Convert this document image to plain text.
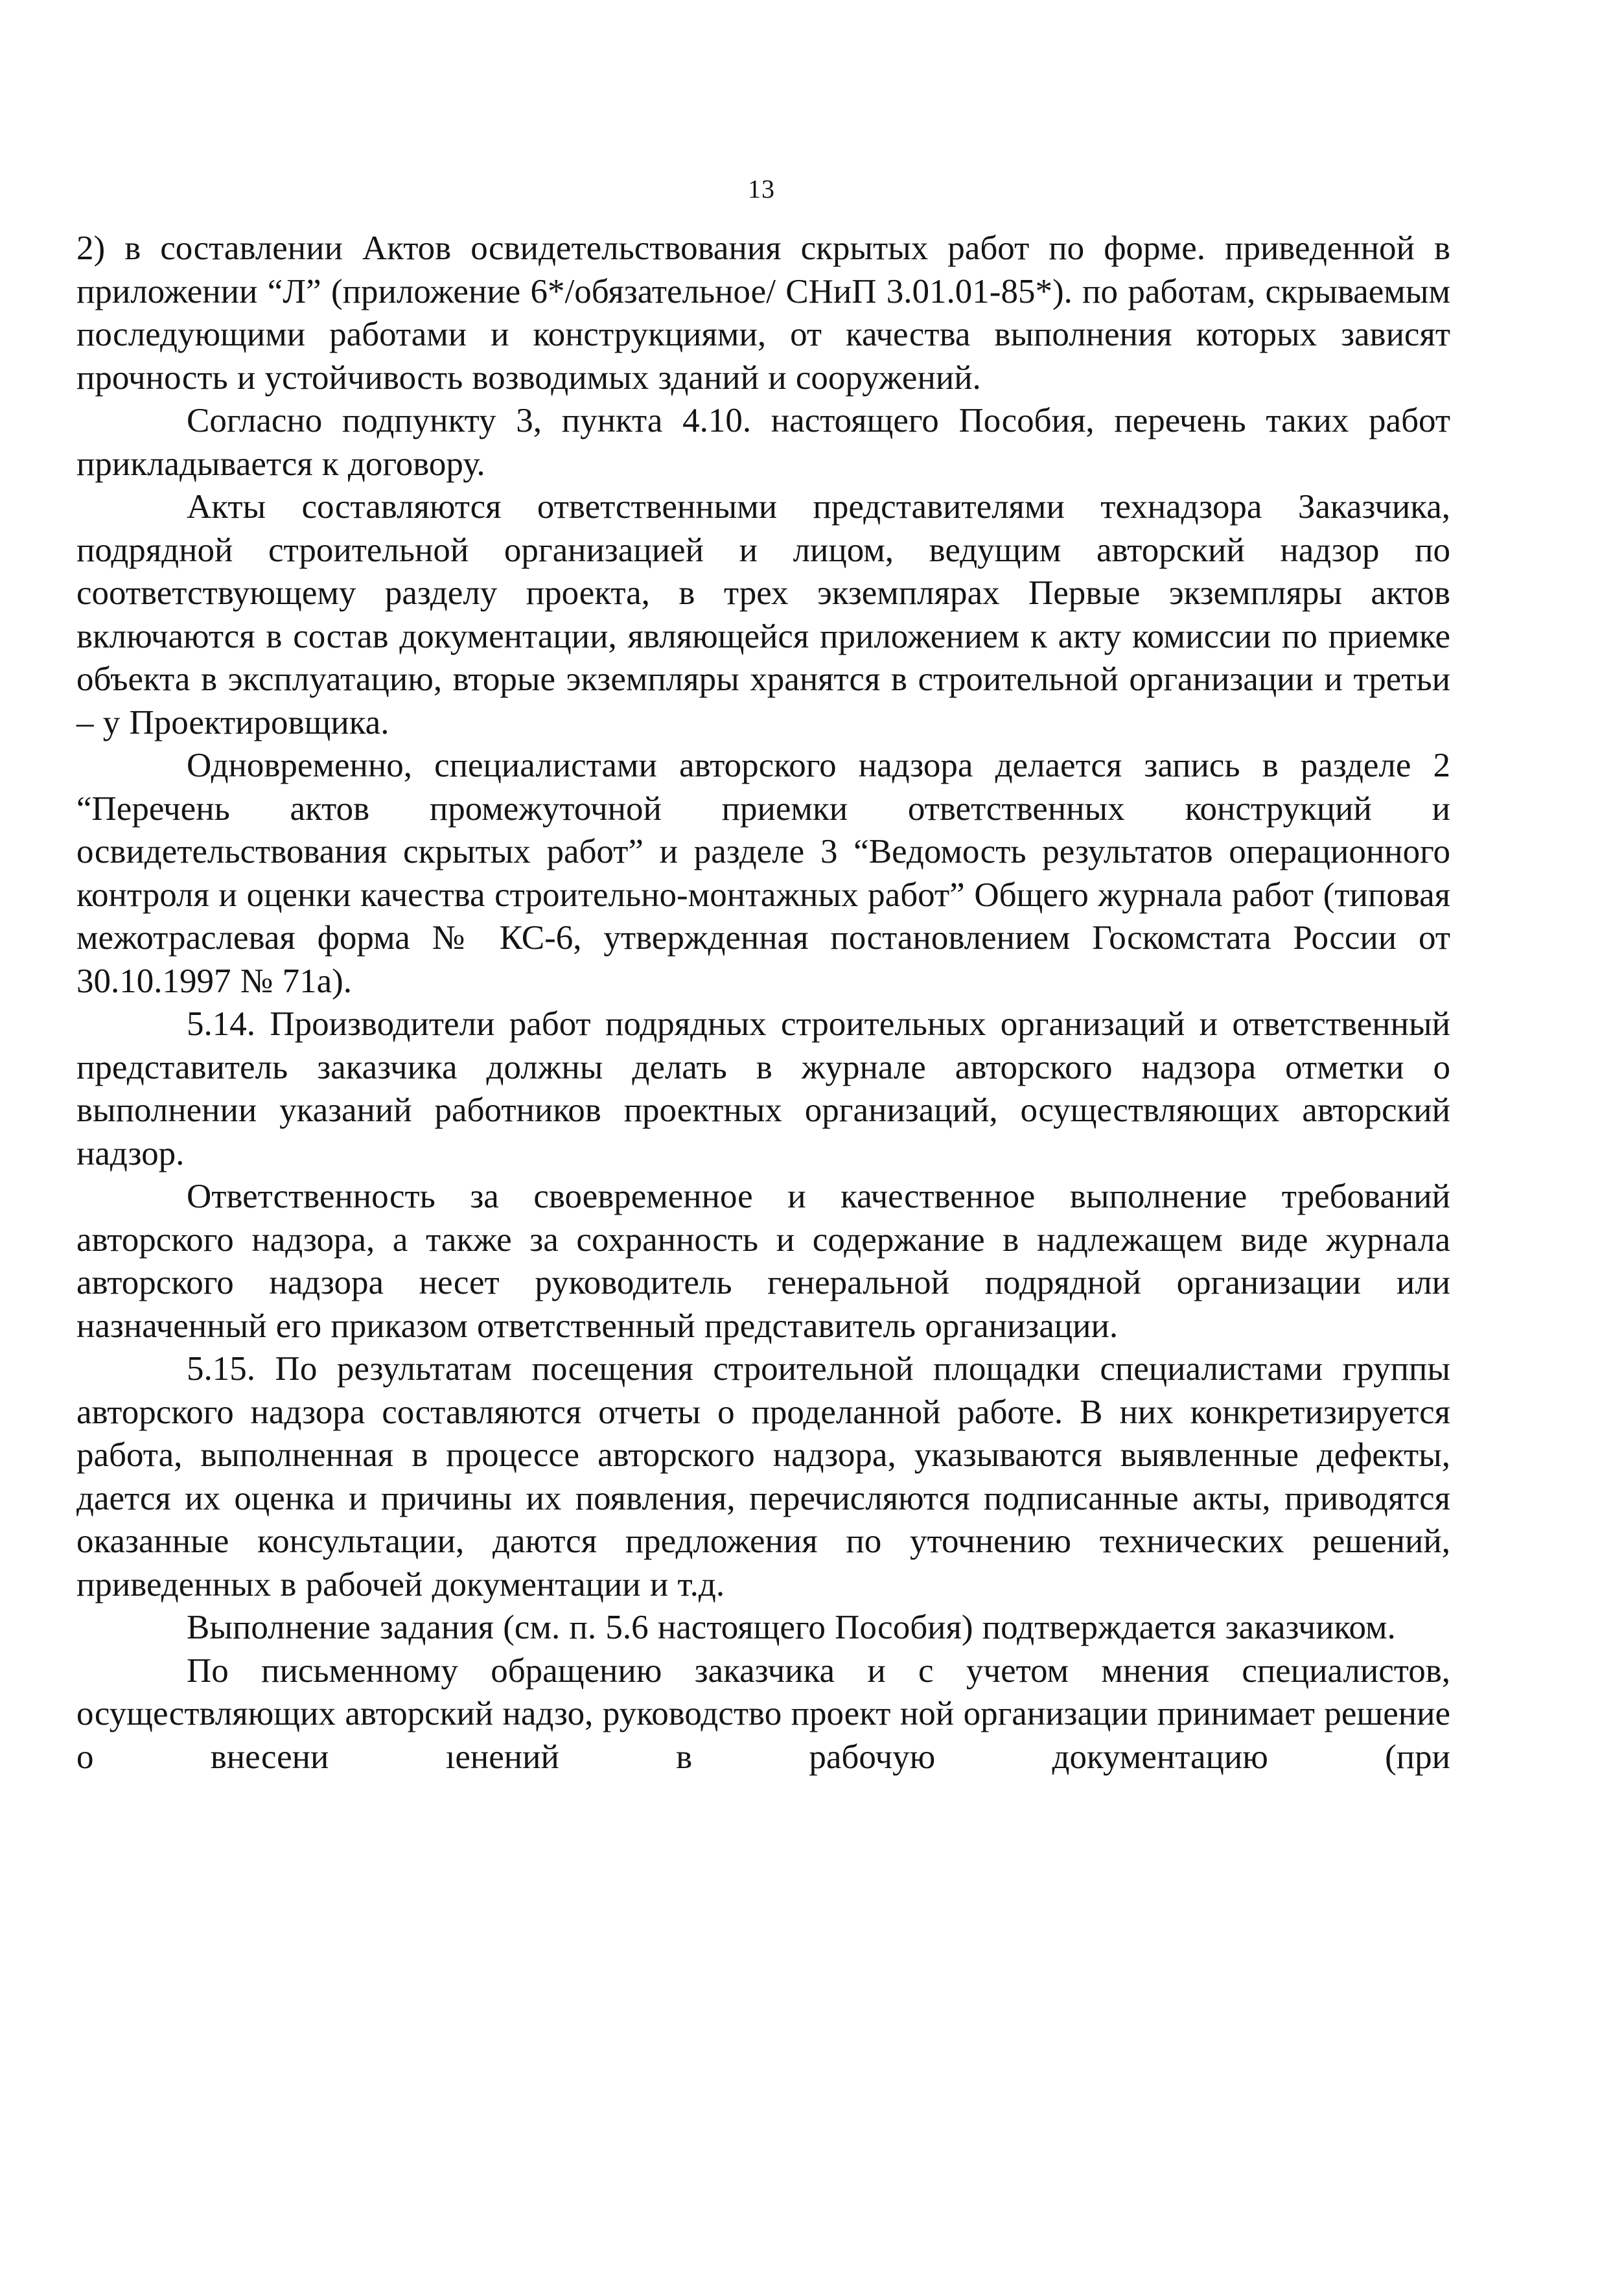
13

2) в составлении Актов освидетельствования скрытых работ по форме. приведенной в приложении “Л” (приложение 6*/обязательное/ СНиП 3.01.01-85*). по работам, скрываемым последующими работами и конструкциями, от качества выполнения которых зависят прочность и устойчивость возводимых зданий и сооружений.

Согласно подпункту 3, пункта 4.10. настоящего Пособия, перечень таких работ прикладывается к договору.

Акты составляются ответственными представителями технадзора Заказчика, подрядной строительной организацией и лицом, ведущим авторский надзор по соответствующему разделу проекта, в трех экземплярах Первые экземпляры актов включаются в состав документации, являющейся приложением к акту комиссии по приемке объекта в эксплуатацию, вторые экземпляры хранятся в строительной организации и третьи – у Проектировщика.

Одновременно, специалистами авторского надзора делается запись в разделе 2 “Перечень актов промежуточной приемки ответственных конструкций и освидетельствования скрытых работ” и разделе 3 “Ведомость результатов операционного контроля и оценки качества строительно-монтажных работ” Общего журнала работ (типовая межотраслевая форма № КС-6, утвержденная постановлением Госкомстата России от 30.10.1997 № 71а).

5.14. Производители работ подрядных строительных организаций и ответственный представитель заказчика должны делать в журнале авторского надзора отметки о выполнении указаний работников проектных организаций, осуществляющих авторский надзор.

Ответственность за своевременное и качественное выполнение требований авторского надзора, а также за сохранность и содержание в надлежащем виде журнала авторского надзора несет руководитель генеральной подрядной организации или назначенный его приказом ответственный представитель организации.

5.15. По результатам посещения строительной площадки специалистами группы авторского надзора составляются отчеты о проделанной работе. В них конкретизируется работа, выполненная в процессе авторского надзора, указываются выявленные дефекты, дается их оценка и причины их появления, перечисляются подписанные акты, приводятся оказанные консультации, даются предложения по уточнению технических решений, приведенных в рабочей документации и т.д.

Выполнение задания (см. п. 5.6 настоящего Пособия) подтверждается заказчиком.

По письменному обращению заказчика и с учетом мнения специалистов, осуществляющих авторский надзо, руководство проект ной организации принимает решение о внесени ıенений в рабочую документацию (при
